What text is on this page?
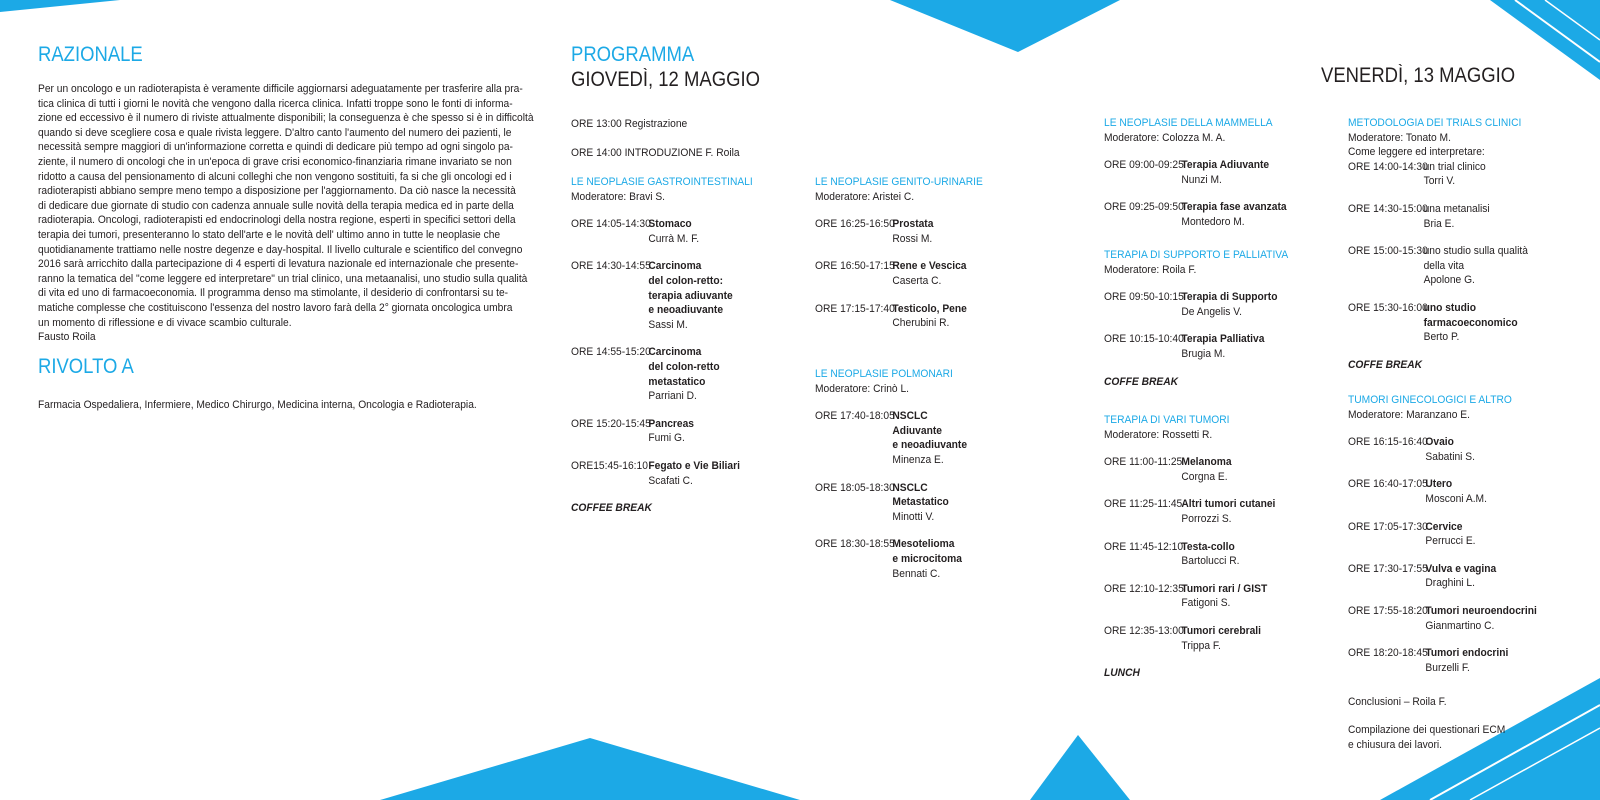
RAZIONALE
Per un oncologo e un radioterapista è veramente difficile aggiornarsi adeguatamente per trasferire alla pra-
tica clinica di tutti i giorni le novità che vengono dalla ricerca clinica. Infatti troppe sono le fonti di informa-
zione ed eccessivo è il numero di riviste attualmente disponibili; la conseguenza è che spesso si è in difficoltà
quando si deve scegliere cosa e quale rivista leggere. D'altro canto l'aumento del numero dei pazienti, le
necessità sempre maggiori di un'informazione corretta e quindi di dedicare più tempo ad ogni singolo pa-
ziente, il numero di oncologi che in un'epoca di grave crisi economico-finanziaria rimane invariato se non
ridotto a causa del pensionamento di alcuni colleghi che non vengono sostituiti, fa si che gli oncologi ed i
radioterapisti abbiano sempre meno tempo a disposizione per l'aggiornamento. Da ciò nasce la necessità
di dedicare due giornate di studio con cadenza annuale sulle novità della terapia medica ed in parte della
radioterapia. Oncologi, radioterapisti ed endocrinologi della nostra regione, esperti in specifici settori della
terapia dei tumori, presenteranno lo stato dell'arte e le novità dell' ultimo anno in tutte le neoplasie che
quotidianamente trattiamo nelle nostre degenze e day-hospital. Il livello culturale e scientifico del convegno
2016 sarà arricchito dalla partecipazione di 4 esperti di levatura nazionale ed internazionale che presente-
ranno la tematica del "come leggere ed interpretare" un trial clinico, una metaanalisi, uno studio sulla qualità
di vita ed uno di farmacoeconomia. Il programma denso ma stimolante, il desiderio di confrontarsi su te-
matiche complesse che costituiscono l'essenza del nostro lavoro farà della 2° giornata oncologica umbra
un momento di riflessione e di vivace scambio culturale.
Fausto Roila
RIVOLTO A
Farmacia Ospedaliera, Infermiere, Medico Chirurgo, Medicina interna, Oncologia e Radioterapia.
PROGRAMMA
GIOVEDÌ, 12 MAGGIO
ORE 13:00 Registrazione
ORE 14:00 INTRODUZIONE F. Roila
VENERDÌ, 13 MAGGIO
LE NEOPLASIE GASTROINTESTINALI
Moderatore: Bravi S.
ORE 14:05-14:30
Stomaco
Currà M. F.
ORE 14:30-14:55
Carcinoma
del colon-retto:
terapia adiuvante
e neoadiuvante
Sassi M.
ORE 14:55-15:20
Carcinoma
del colon-retto
metastatico
Parriani D.
ORE 15:20-15:45
Pancreas
Fumi G.
ORE15:45-16:10 Fegato e Vie Biliari
Scafati C.
COFFEE BREAK
LE NEOPLASIE GENITO-URINARIE
Moderatore: Aristei C.
ORE 16:25-16:50
Prostata
Rossi M.
ORE 16:50-17:15
Rene e Vescica
Caserta C.
ORE 17:15-17:40
Testicolo, Pene
Cherubini R.
LE NEOPLASIE POLMONARI
Moderatore: Crinò L.
ORE 17:40-18:05
NSCLC
Adiuvante
e neoadiuvante
Minenza E.
ORE 18:05-18:30
NSCLC
Metastatico
Minotti V.
ORE 18:30-18:55
Mesotelioma
e microcitoma
Bennati C.
LE NEOPLASIE DELLA MAMMELLA
Moderatore: Colozza M. A.
ORE 09:00-09:25
Terapia Adiuvante
Nunzi M.
ORE 09:25-09:50
Terapia fase avanzata
Montedoro M.
TERAPIA DI SUPPORTO E PALLIATIVA
Moderatore: Roila F.
ORE 09:50-10:15
Terapia di Supporto
De Angelis V.
ORE 10:15-10:40
Terapia Palliativa
Brugia M.
COFFE BREAK
TERAPIA DI VARI TUMORI
Moderatore: Rossetti R.
ORE 11:00-11:25 Melanoma
Corgna E.
ORE 11:25-11:45 Altri tumori cutanei
Porrozzi S.
ORE 11:45-12:10
Testa-collo
Bartolucci R.
ORE 12:10-12:35
Tumori rari / GIST
Fatigoni S.
ORE 12:35-13:00
Tumori cerebrali
Trippa F.
LUNCH
METODOLOGIA DEI TRIALS CLINICI
Moderatore: Tonato M.
Come leggere ed interpretare:
ORE 14:00-14:30
un trial clinico
Torri V.
ORE 14:30-15:00
una metanalisi
Bria E.
ORE 15:00-15:30
uno studio sulla qualità
della vita
Apolone G.
ORE 15:30-16:00
uno studio
farmacoeconomico
Berto P.
COFFE BREAK
TUMORI GINECOLOGICI E ALTRO
Moderatore: Maranzano E.
ORE 16:15-16:40
Ovaio
Sabatini S.
ORE 16:40-17:05
Utero
Mosconi A.M.
ORE 17:05-17:30
Cervice
Perrucci E.
ORE 17:30-17:55
Vulva e vagina
Draghini L.
ORE 17:55-18:20
Tumori neuroendocrini
Gianmartino C.
ORE 18:20-18:45
Tumori endocrini
Burzelli F.
Conclusioni – Roila F.
Compilazione dei questionari ECM
e chiusura dei lavori.
